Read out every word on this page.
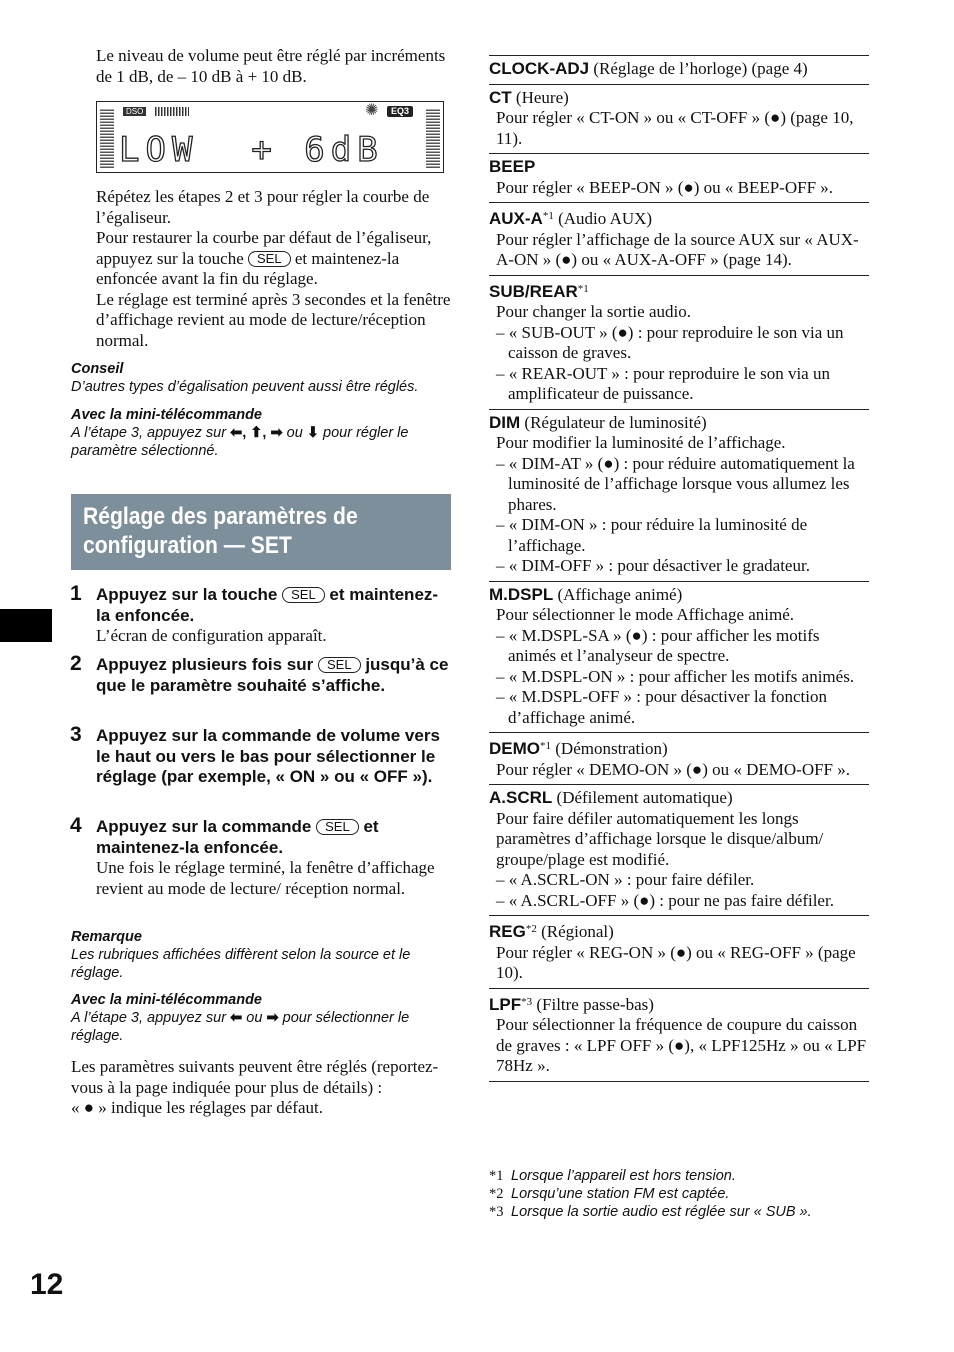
Le niveau de volume peut être réglé par incréments de 1 dB, de – 10 dB à + 10 dB.

DSO	✺	EQ3
LOW  + 6dB

Répétez les étapes 2 et 3 pour régler la courbe de l’égaliseur.

Pour restaurer la courbe par défaut de l’égaliseur, appuyez sur la touche SEL et maintenez-la enfoncée avant la fin du réglage.

Le réglage est terminé après 3 secondes et la fenêtre d’affichage revient au mode de lecture/réception normal.

Conseil
D’autres types d’égalisation peuvent aussi être réglés.
Avec la mini-télécommande
A l’étape 3, appuyez sur ⬅, ⬆, ➡ ou ⬇ pour régler le paramètre sélectionné.
Réglage des paramètres de
configuration — SET
1 Appuyez sur la touche SEL et maintenez-la enfoncée.

L’écran de configuration apparaît.

2 Appuyez plusieurs fois sur SEL jusqu’à ce que le paramètre souhaité s’affiche.
3 Appuyez sur la commande de volume vers le haut ou vers le bas pour sélectionner le réglage (par exemple, « ON » ou « OFF »).
4 Appuyez sur la commande SEL et maintenez-la enfoncée.

Une fois le réglage terminé, la fenêtre d’affichage revient au mode de lecture/ réception normal.

Remarque
Les rubriques affichées diffèrent selon la source et le réglage.
Avec la mini-télécommande
A l’étape 3, appuyez sur ⬅ ou ➡ pour sélectionner le réglage.

Les paramètres suivants peuvent être réglés (reportez-vous à la page indiquée pour plus de détails) :

« ● » indique les réglages par défaut.

12
CLOCK-ADJ (Réglage de l’horloge) (page 4)
CT (Heure)
Pour régler « CT-ON » ou « CT-OFF » (●) (page 10, 11).
BEEP
Pour régler « BEEP-ON » (●) ou « BEEP-OFF ».
AUX-$A^{*1}$ (Audio AUX)
Pour régler l’affichage de la source AUX sur « AUX-A-ON » (●) ou « AUX-A-OFF » (page 14).
SUB/REAR$^{*1}$
Pour changer la sortie audio.
– « SUB-OUT » (●) : pour reproduire le son via un caisson de graves.
– « REAR-OUT » : pour reproduire le son via un amplificateur de puissance.
DIM (Régulateur de luminosité)
Pour modifier la luminosité de l’affichage.
– « DIM-AT » (●) : pour réduire automatiquement la luminosité de l’affichage lorsque vous allumez les phares.
– « DIM-ON » : pour réduire la luminosité de l’affichage.
– « DIM-OFF » : pour désactiver le gradateur.
M.DSPL (Affichage animé)
Pour sélectionner le mode Affichage animé.
– « M.DSPL-SA » (●) : pour afficher les motifs animés et l’analyseur de spectre.
– « M.DSPL-ON » : pour afficher les motifs animés.
– « M.DSPL-OFF » : pour désactiver la fonction d’affichage animé.
DEMO$^{*1}$ (Démonstration)
Pour régler « DEMO-ON » (●) ou « DEMO-OFF ».
A.SCRL (Défilement automatique)
Pour faire défiler automatiquement les longs paramètres d’affichage lorsque le disque/album/ groupe/plage est modifié.
– « A.SCRL-ON » : pour faire défiler.
– « A.SCRL-OFF » (●) : pour ne pas faire défiler.
REG$^{*2}$ (Régional)
Pour régler « REG-ON » (●) ou « REG-OFF » (page 10).
LPF$^{*3}$ (Filtre passe-bas)
Pour sélectionner la fréquence de coupure du caisson de graves : « LPF OFF » (●), « LPF125Hz » ou « LPF 78Hz ».
*1 Lorsque l’appareil est hors tension.
*2 Lorsqu’une station FM est captée.
*3 Lorsque la sortie audio est réglée sur « SUB ».
